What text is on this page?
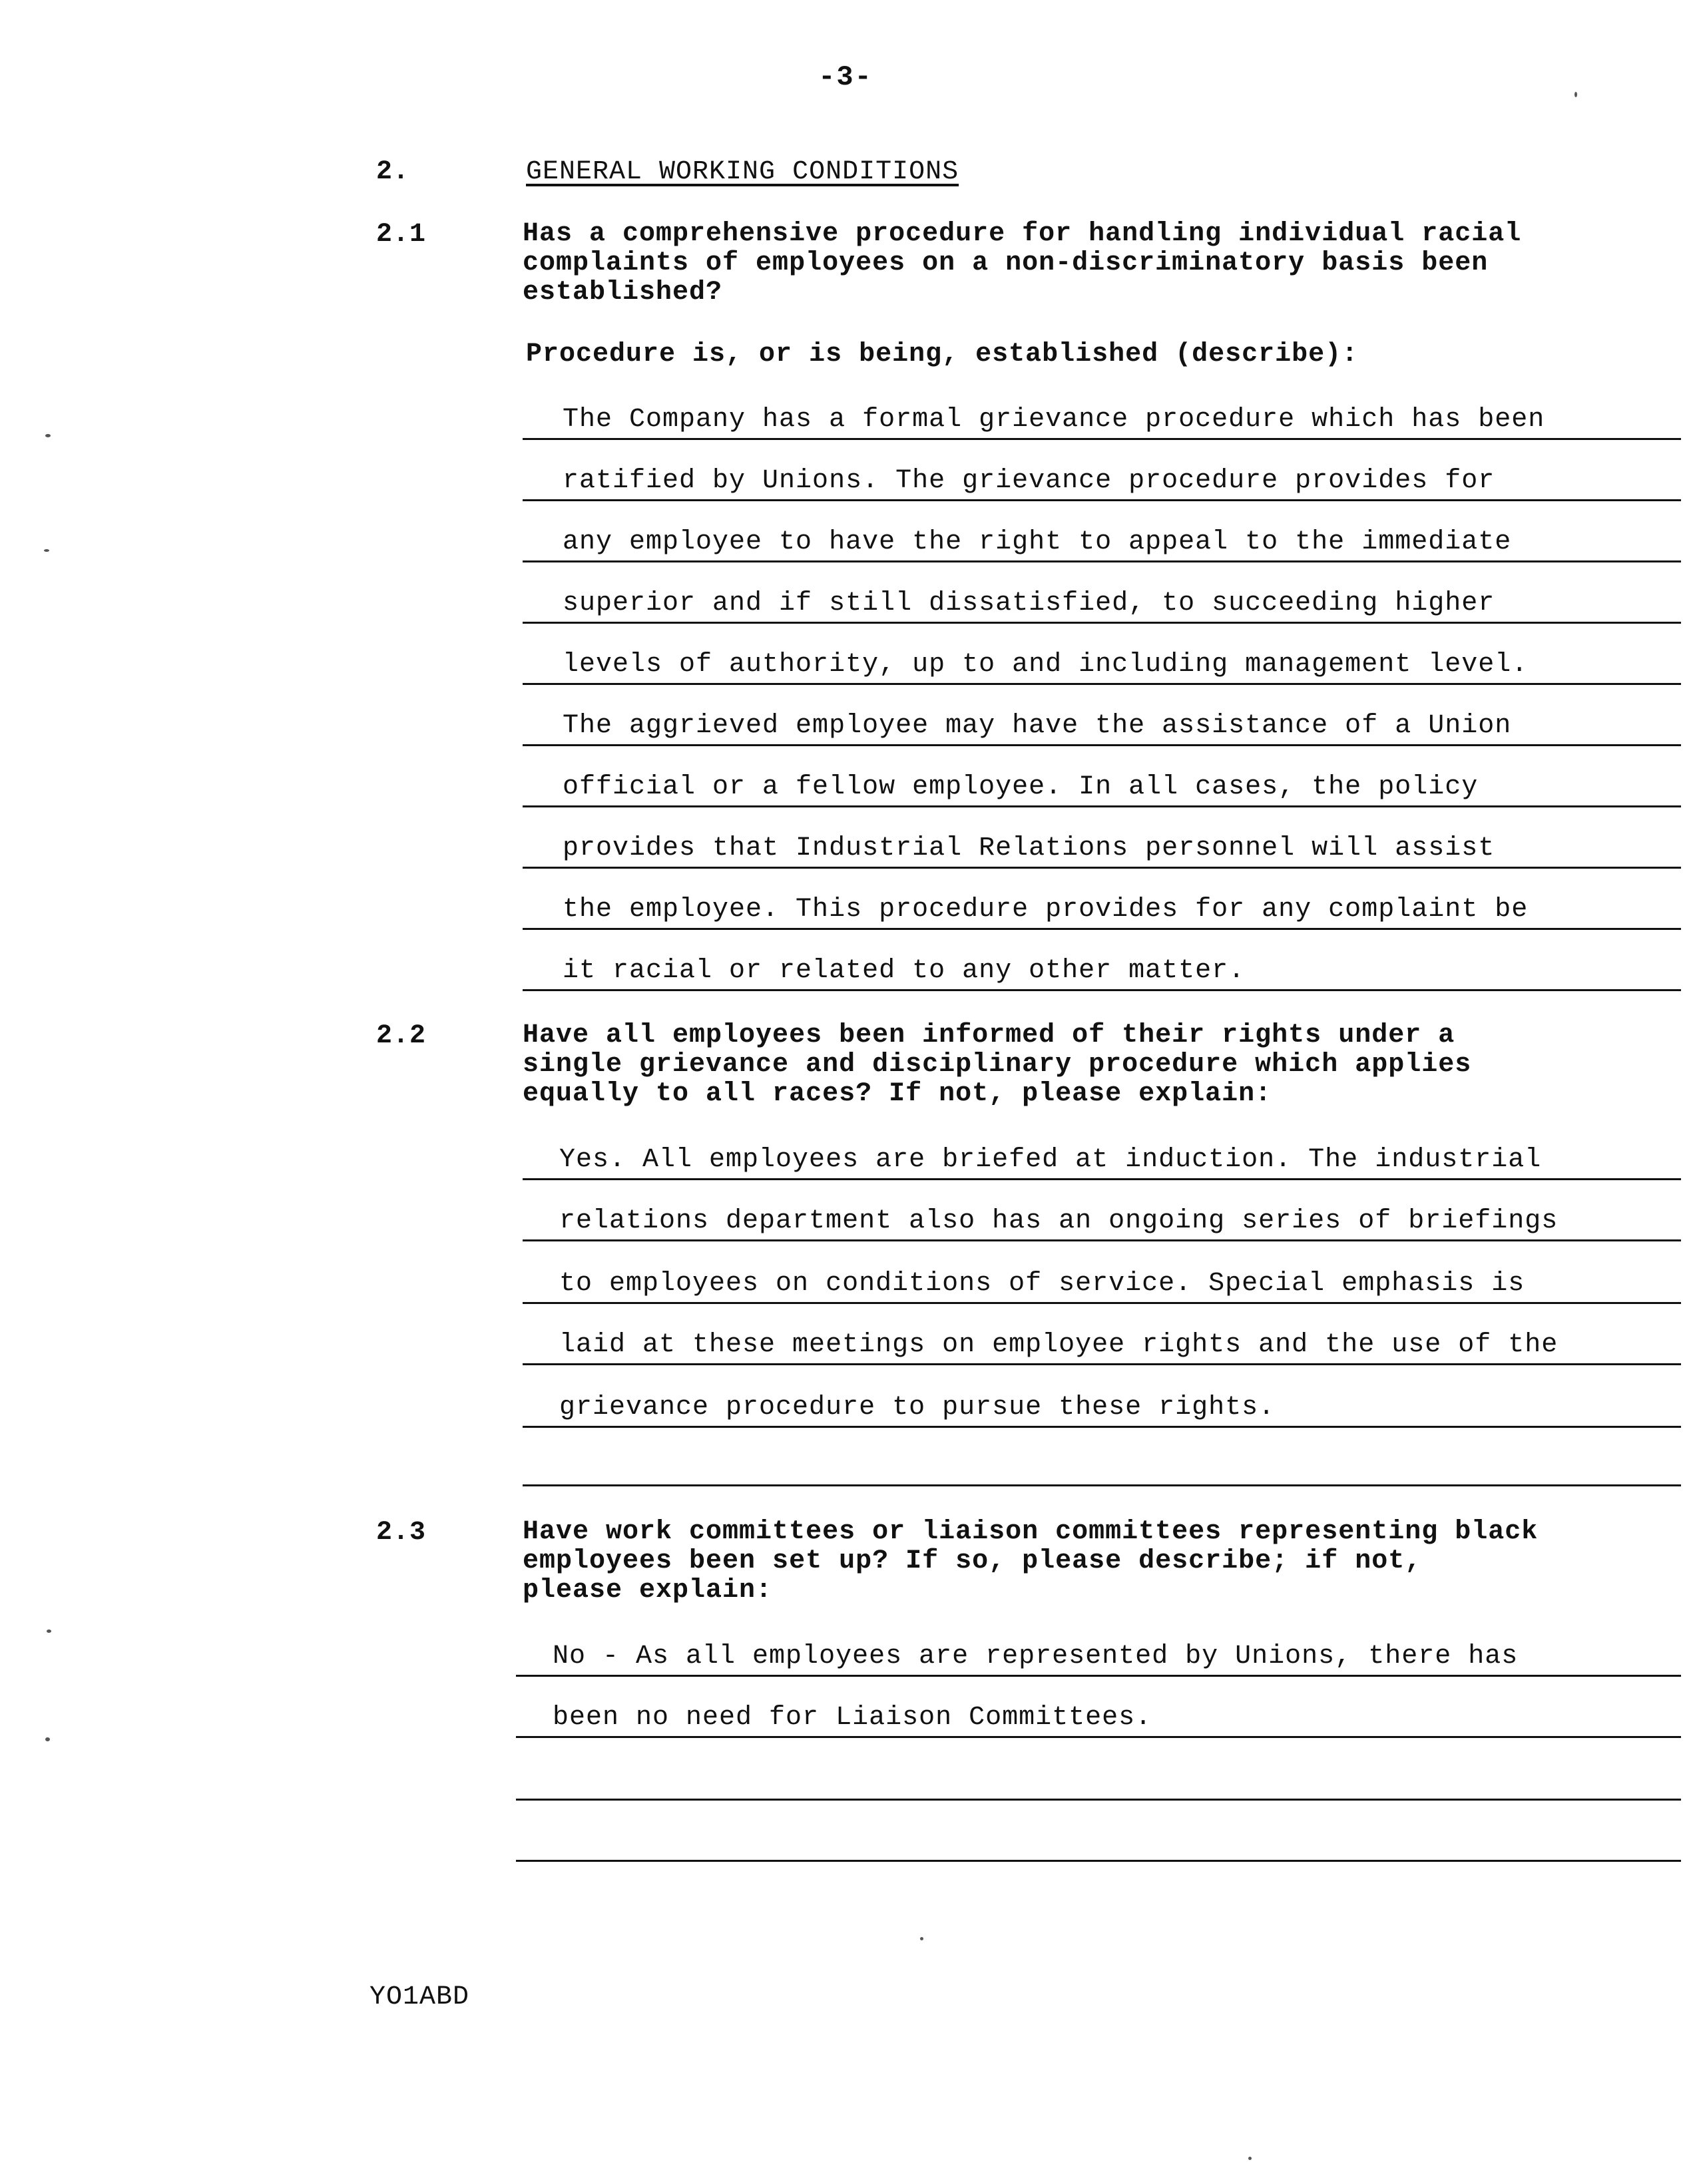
-3-
2.	GENERAL WORKING CONDITIONS
2.1	Has a comprehensive procedure for handling individual racial
complaints of employees on a non-discriminatory basis been
established?
Procedure is, or is being, established (describe):
The Company has a formal grievance procedure which has been
ratified by Unions. The grievance procedure provides for
any employee to have the right to appeal to the immediate
superior and if still dissatisfied, to succeeding higher
levels of authority, up to and including management level.
The aggrieved employee may have the assistance of a Union
official or a fellow employee. In all cases, the policy
provides that Industrial Relations personnel will assist
the employee. This procedure provides for any complaint be
it racial or related to any other matter.
2.2	Have all employees been informed of their rights under a
single grievance and disciplinary procedure which applies
equally to all races? If not, please explain:
Yes. All employees are briefed at induction. The industrial
relations department also has an ongoing series of briefings
to employees on conditions of service. Special emphasis is
laid at these meetings on employee rights and the use of the
grievance procedure to pursue these rights.
2.3	Have work committees or liaison committees representing black
employees been set up? If so, please describe; if not,
please explain:
No - As all employees are represented by Unions, there has
been no need for Liaison Committees.
YO1ABD
